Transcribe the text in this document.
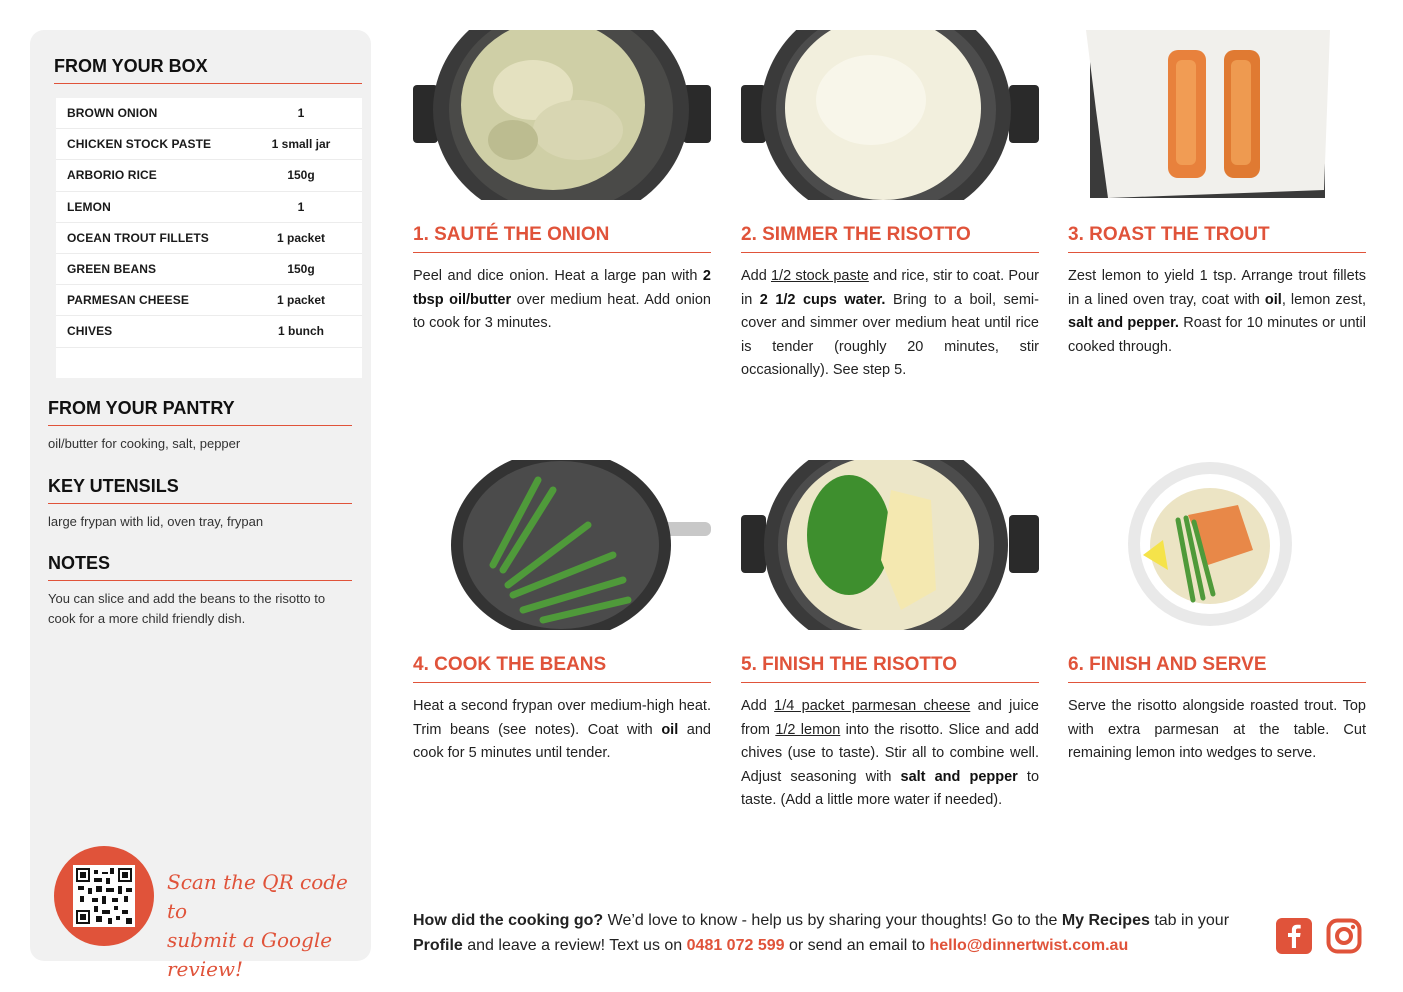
FROM YOUR BOX
BROWN ONION	1
CHICKEN STOCK PASTE	1 small jar
ARBORIO RICE	150g
LEMON	1
OCEAN TROUT FILLETS	1 packet
GREEN BEANS	150g
PARMESAN CHEESE	1 packet
CHIVES	1 bunch
FROM YOUR PANTRY
oil/butter for cooking, salt, pepper
KEY UTENSILS
large frypan with lid, oven tray, frypan
NOTES
You can slice and add the beans to the risotto to cook for a more child friendly dish.
Scan the QR code to
submit a Google review!
1. SAUTÉ THE ONION
Peel and dice onion. Heat a large pan with 2 tbsp oil/butter over medium heat. Add onion to cook for 3 minutes.
2. SIMMER THE RISOTTO
Add 1/2 stock paste and rice, stir to coat. Pour in 2 1/2 cups water. Bring to a boil, semi-cover and simmer over medium heat until rice is tender (roughly 20 minutes, stir occasionally). See step 5.
3. ROAST THE TROUT
Zest lemon to yield 1 tsp. Arrange trout fillets in a lined oven tray, coat with oil, lemon zest, salt and pepper. Roast for 10 minutes or until cooked through.
4. COOK THE BEANS
Heat a second frypan over medium-high heat. Trim beans (see notes). Coat with oil and cook for 5 minutes until tender.
5. FINISH THE RISOTTO
Add 1/4 packet parmesan cheese and juice from 1/2 lemon into the risotto. Slice and add chives (use to taste). Stir all to combine well. Adjust seasoning with salt and pepper to taste. (Add a little more water if needed).
6. FINISH AND SERVE
Serve the risotto alongside roasted trout. Top with extra parmesan at the table. Cut remaining lemon into wedges to serve.
How did the cooking go? We’d love to know - help us by sharing your thoughts! Go to the My Recipes tab in your Profile and leave a review! Text us on 0481 072 599 or send an email to hello@dinnertwist.com.au
